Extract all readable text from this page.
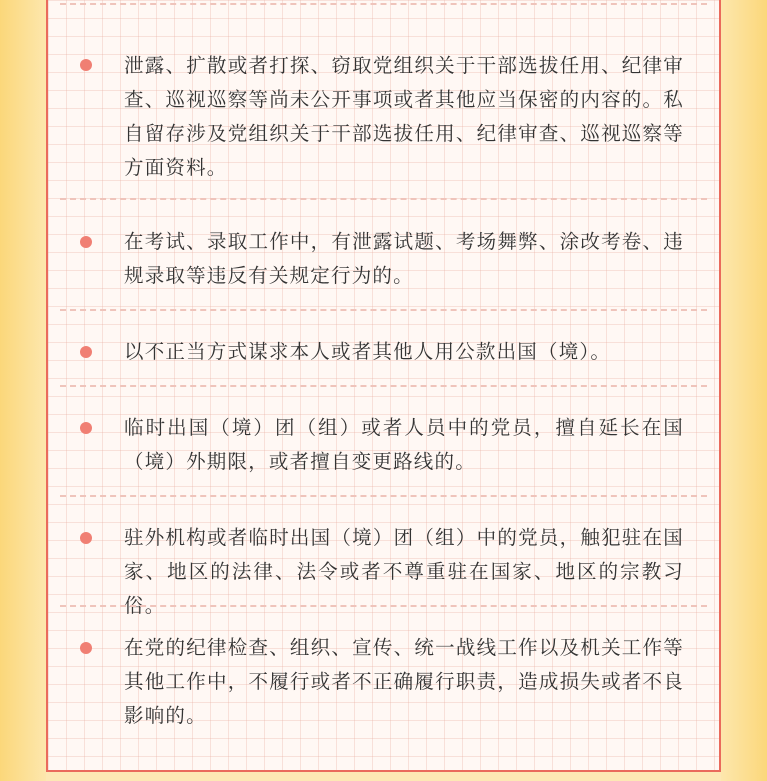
泄露、扩散或者打探、窃取党组织关于干部选拔任用、纪律审查、巡视巡察等尚未公开事项或者其他应当保密的内容的。私自留存涉及党组织关于干部选拔任用、纪律审查、巡视巡察等方面资料。
在考试、录取工作中，有泄露试题、考场舞弊、涂改考卷、违规录取等违反有关规定行为的。
以不正当方式谋求本人或者其他人用公款出国（境）。
临时出国（境）团（组）或者人员中的党员，擅自延长在国（境）外期限，或者擅自变更路线的。
驻外机构或者临时出国（境）团（组）中的党员，触犯驻在国家、地区的法律、法令或者不尊重驻在国家、地区的宗教习俗。
在党的纪律检查、组织、宣传、统一战线工作以及机关工作等其他工作中，不履行或者不正确履行职责，造成损失或者不良影响的。
